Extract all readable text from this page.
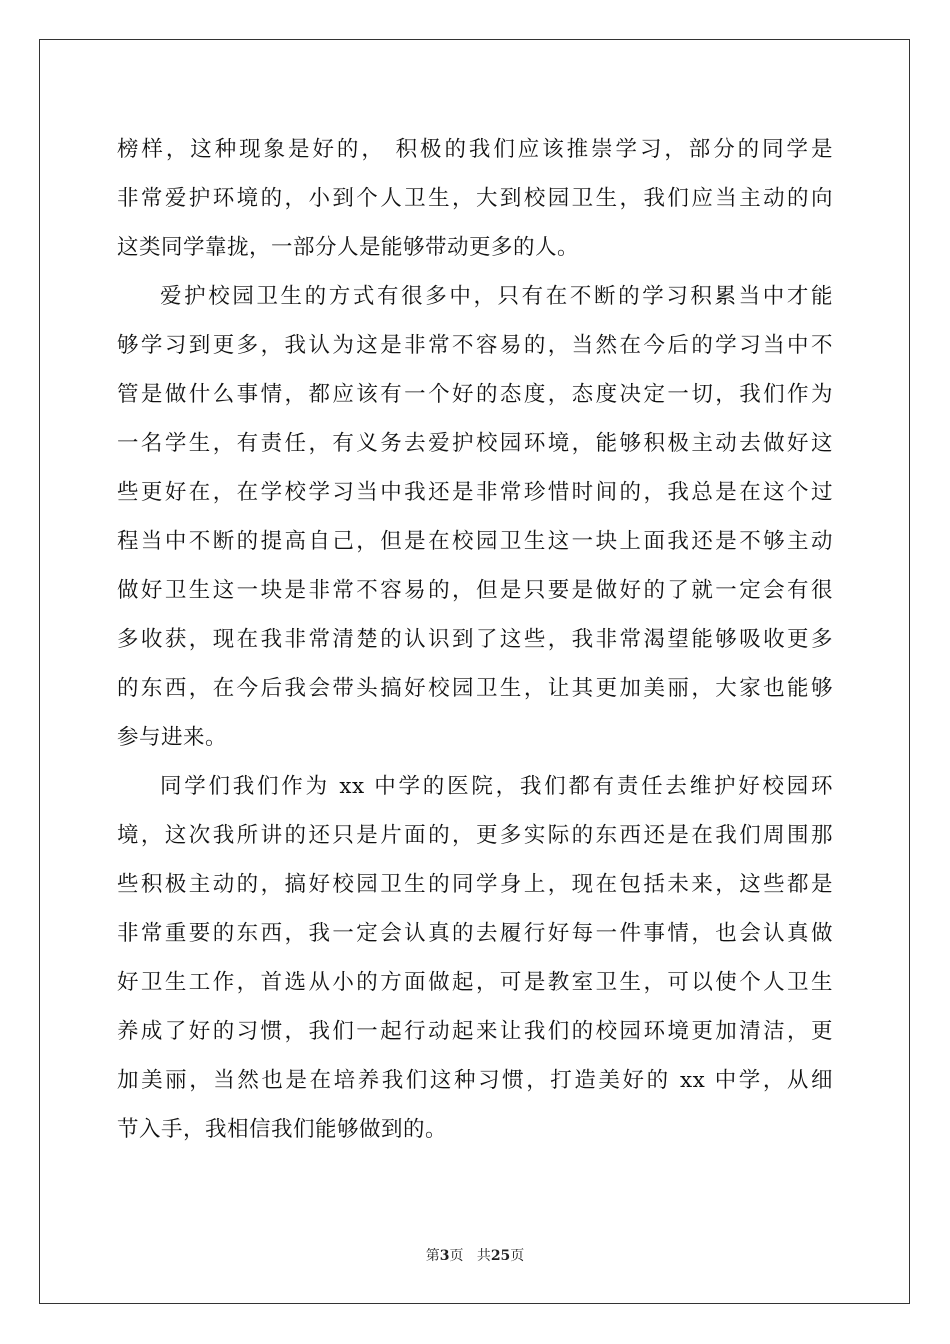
榜样，这种现象是好的， 积极的我们应该推崇学习，部分的同学是
非常爱护环境的，小到个人卫生，大到校园卫生，我们应当主动的向
这类同学靠拢，一部分人是能够带动更多的人。
爱护校园卫生的方式有很多中，只有在不断的学习积累当中才能
够学习到更多，我认为这是非常不容易的，当然在今后的学习当中不
管是做什么事情，都应该有一个好的态度，态度决定一切，我们作为
一名学生，有责任，有义务去爱护校园环境，能够积极主动去做好这
些更好在，在学校学习当中我还是非常珍惜时间的，我总是在这个过
程当中不断的提高自己，但是在校园卫生这一块上面我还是不够主动
做好卫生这一块是非常不容易的，但是只要是做好的了就一定会有很
多收获，现在我非常清楚的认识到了这些，我非常渴望能够吸收更多
的东西，在今后我会带头搞好校园卫生，让其更加美丽，大家也能够
参与进来。
同学们我们作为 xx 中学的医院，我们都有责任去维护好校园环
境，这次我所讲的还只是片面的，更多实际的东西还是在我们周围那
些积极主动的，搞好校园卫生的同学身上，现在包括未来，这些都是
非常重要的东西，我一定会认真的去履行好每一件事情，也会认真做
好卫生工作，首选从小的方面做起，可是教室卫生，可以使个人卫生
养成了好的习惯，我们一起行动起来让我们的校园环境更加清洁，更
加美丽，当然也是在培养我们这种习惯，打造美好的 xx 中学，从细
节入手，我相信我们能够做到的。
第3页 共25页
